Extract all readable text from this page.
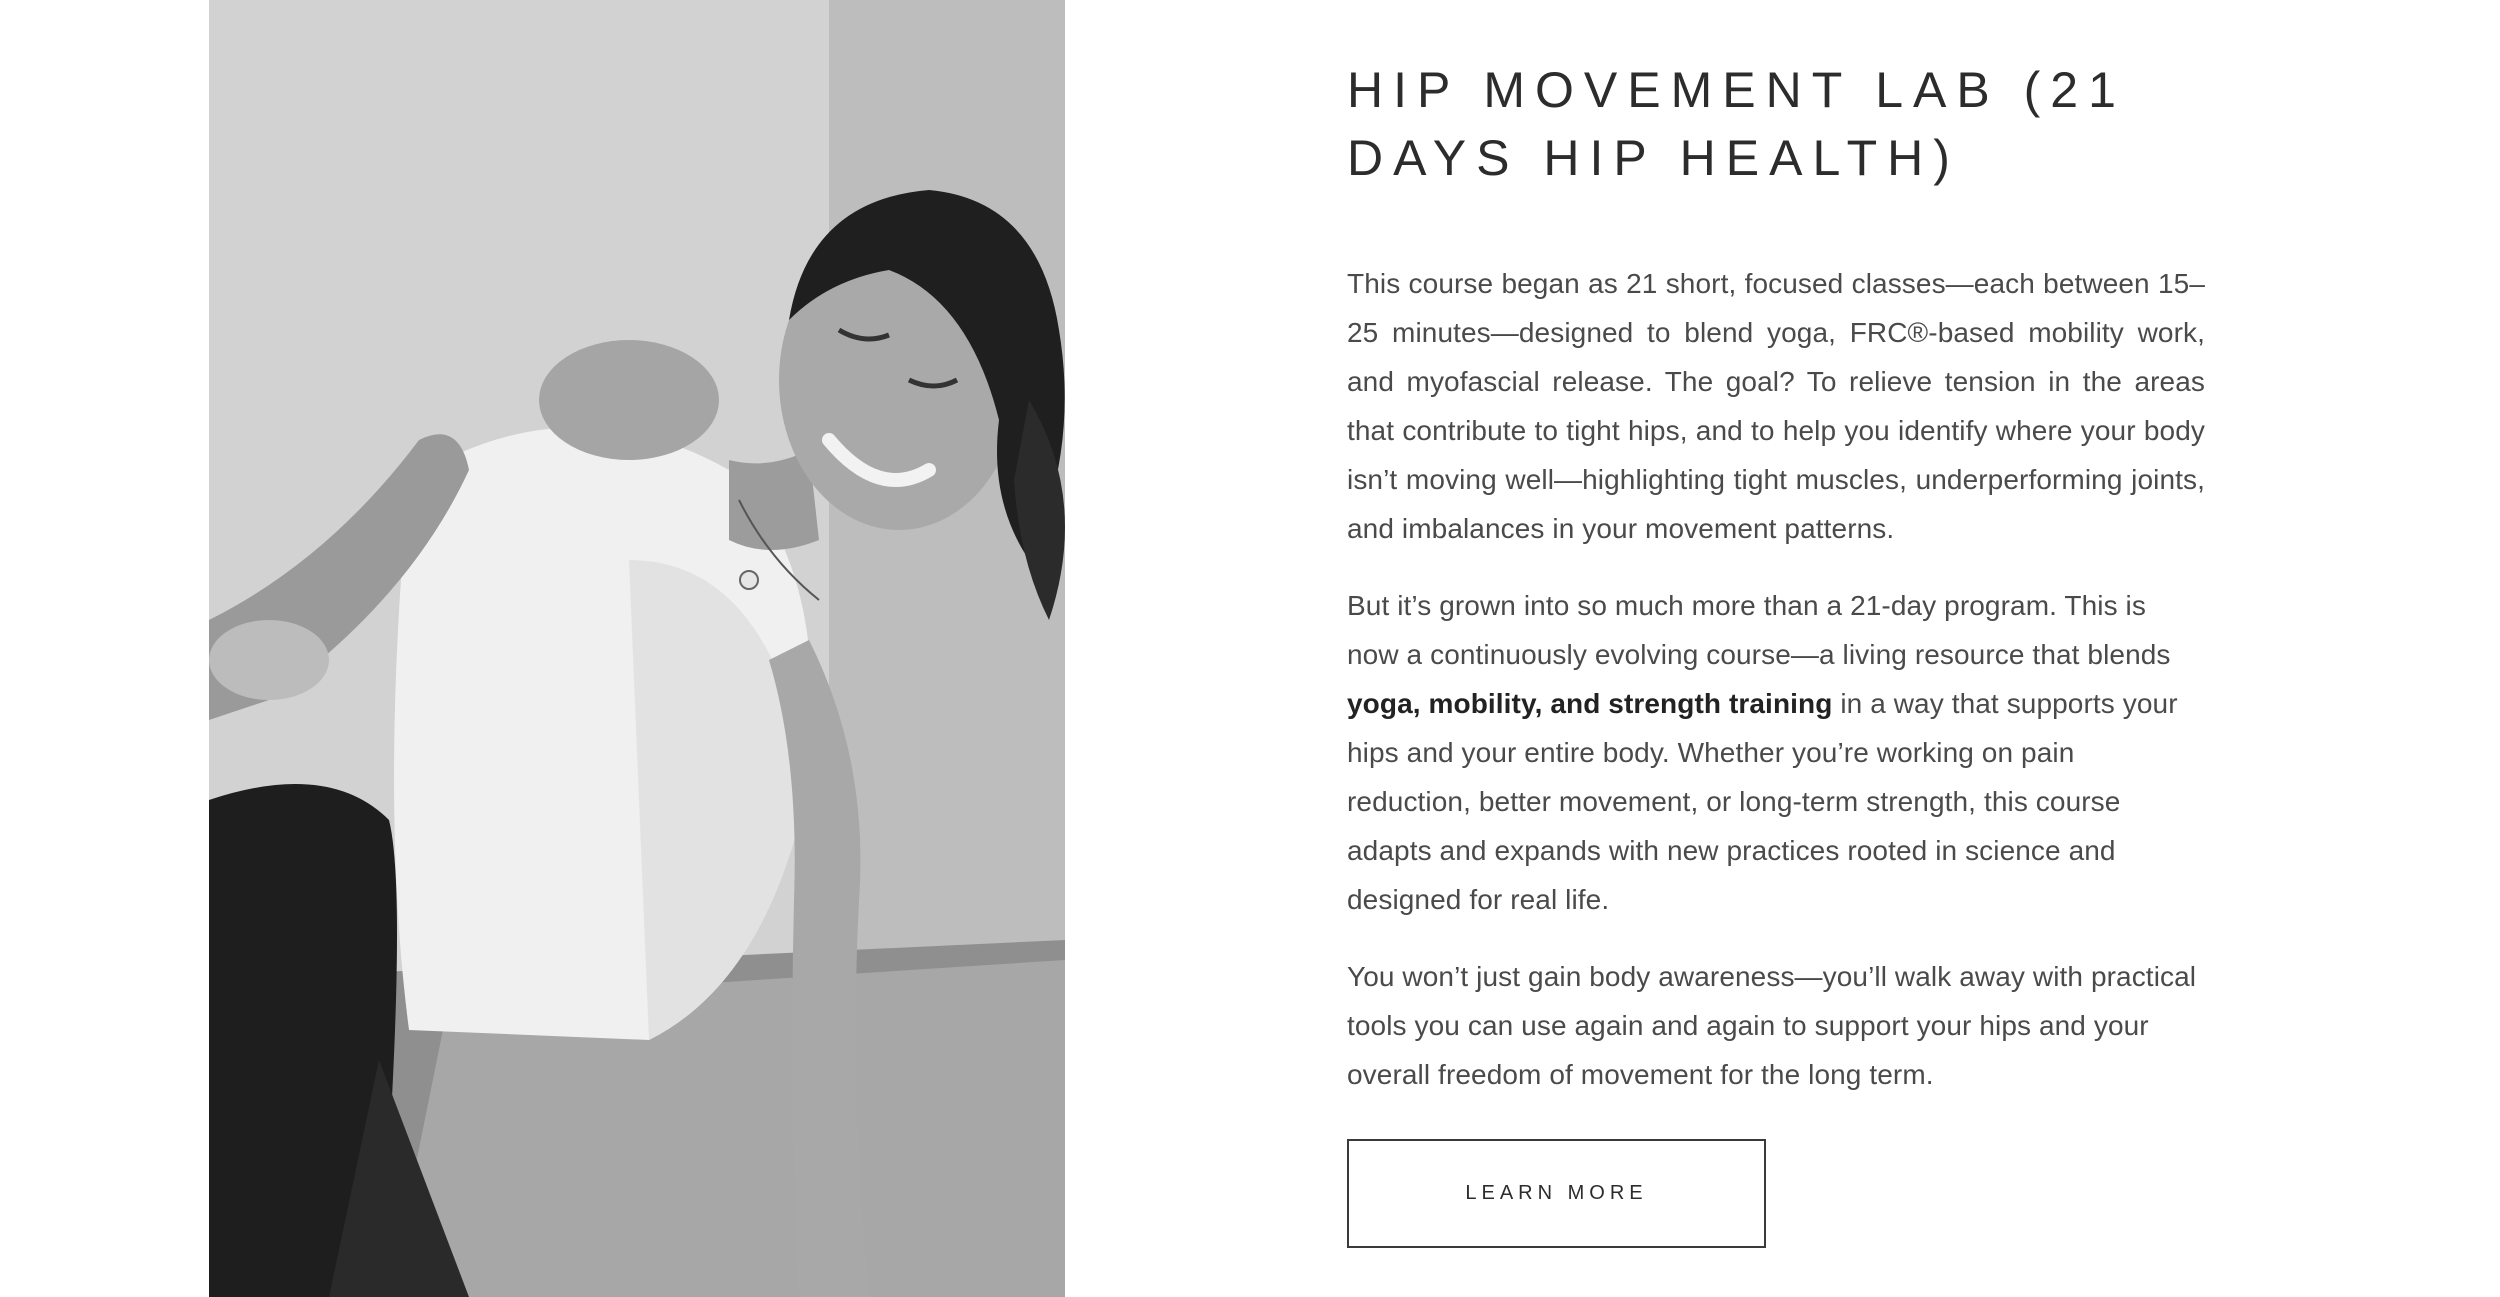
HIP MOVEMENT LAB (21 DAYS HIP HEALTH)

This course began as 21 short, focused classes—each between 15–25 minutes—designed to blend yoga, FRC®-based mobility work, and myofascial release. The goal? To relieve tension in the areas that contribute to tight hips, and to help you identify where your body isn’t moving well—highlighting tight muscles, underperforming joints, and imbalances in your movement patterns.

But it’s grown into so much more than a 21-day program. This is now a continuously evolving course—a living resource that blends yoga, mobility, and strength training in a way that supports your hips and your entire body. Whether you’re working on pain reduction, better movement, or long-term strength, this course adapts and expands with new practices rooted in science and designed for real life.

You won’t just gain body awareness—you’ll walk away with practical tools you can use again and again to support your hips and your overall freedom of movement for the long term.

LEARN MORE
